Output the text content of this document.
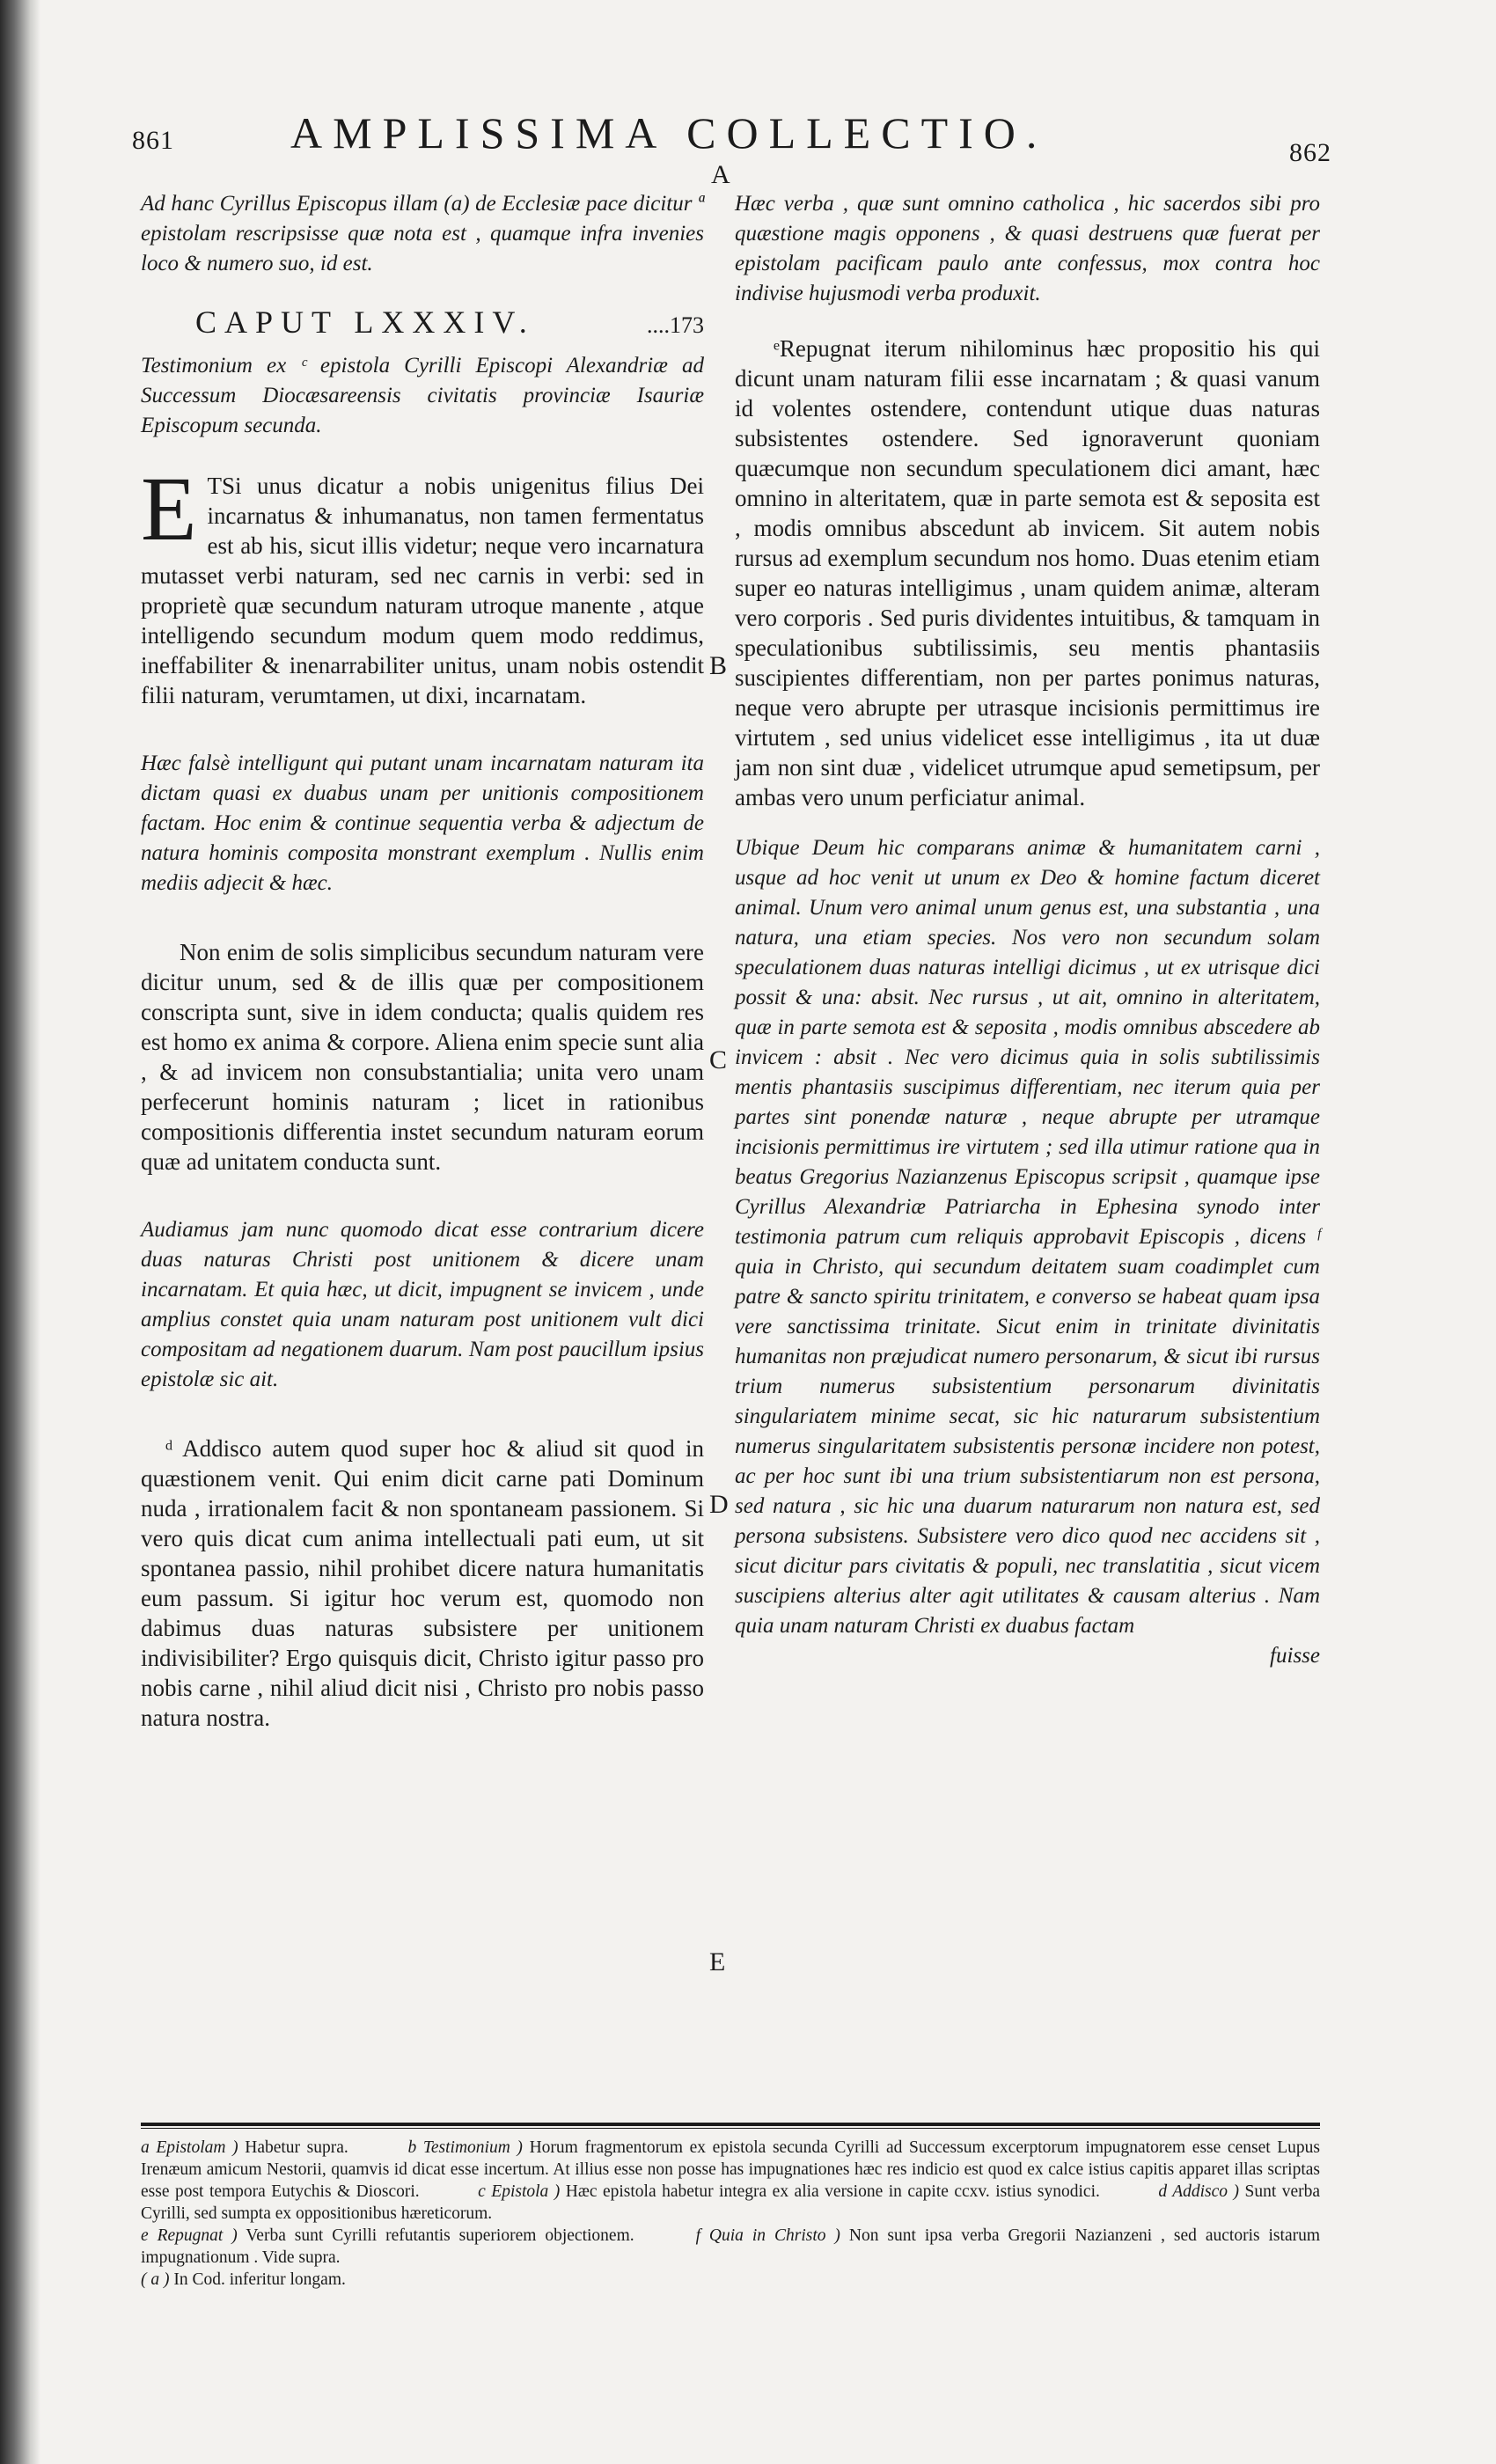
861	AMPLISSIMA COLLECTIO.	862
A
B
C
D
E

Ad hanc Cyrillus Episcopus illam (a) de Ecclesiæ pace dicitur ª epistolam rescripsisse quæ nota est , quamque infra invenies loco & numero suo, id est.

CAPUT LXXXIV.	....173

Testimonium ex ᶜ epistola Cyrilli Episcopi Alexandriæ ad Successum Diocæsareensis civitatis provinciæ Isauriæ Episcopum secunda.

E TSi unus dicatur a nobis unigenitus filius Dei incarnatus & inhumanatus, non tamen fermentatus est ab his, sicut illis videtur; neque vero incarnatura mutasset verbi naturam, sed nec carnis in verbi: sed in proprietè quæ secundum naturam utroque manente , atque intelligendo secundum modum quem modo reddimus, ineffabiliter & inenarrabiliter unitus, unam nobis ostendit filii naturam, verumtamen, ut dixi, incarnatam.

Hæc falsè intelligunt qui putant unam incarnatam naturam ita dictam quasi ex duabus unam per unitionis compositionem factam. Hoc enim & continue sequentia verba & adjectum de natura hominis composita monstrant exemplum . Nullis enim mediis adjecit & hæc.

Non enim de solis simplicibus secundum naturam vere dicitur unum, sed & de illis quæ per compositionem conscripta sunt, sive in idem conducta; qualis quidem res est homo ex anima & corpore. Aliena enim specie sunt alia , & ad invicem non consubstantialia; unita vero unam perfecerunt hominis naturam ; licet in rationibus compositionis differentia instet secundum naturam eorum quæ ad unitatem conducta sunt.

Audiamus jam nunc quomodo dicat esse contrarium dicere duas naturas Christi post unitionem & dicere unam incarnatam. Et quia hæc, ut dicit, impugnent se invicem , unde amplius constet quia unam naturam post unitionem vult dici compositam ad negationem duarum. Nam post paucillum ipsius epistolæ sic ait.

ᵈ Addisco autem quod super hoc & aliud sit quod in quæstionem venit. Qui enim dicit carne pati Dominum nuda , irrationalem facit & non spontaneam passionem. Si vero quis dicat cum anima intellectuali pati eum, ut sit spontanea passio, nihil prohibet dicere natura humanitatis eum passum. Si igitur hoc verum est, quomodo non dabimus duas naturas subsistere per unitionem indivisibiliter? Ergo quisquis dicit, Christo igitur passo pro nobis carne , nihil aliud dicit nisi , Christo pro nobis passo natura nostra.

Hæc verba , quæ sunt omnino catholica , hic sacerdos sibi pro quæstione magis opponens , & quasi destruens quæ fuerat per epistolam pacificam paulo ante confessus, mox contra hoc indivise hujusmodi verba produxit.

ᵉRepugnat iterum nihilominus hæc propositio his qui dicunt unam naturam filii esse incarnatam ; & quasi vanum id volentes ostendere, contendunt utique duas naturas subsistentes ostendere. Sed ignoraverunt quoniam quæcumque non secundum speculationem dici amant, hæc omnino in alteritatem, quæ in parte semota est & seposita est , modis omnibus abscedunt ab invicem. Sit autem nobis rursus ad exemplum secundum nos homo. Duas etenim etiam super eo naturas intelligimus , unam quidem animæ, alteram vero corporis . Sed puris dividentes intuitibus, & tamquam in speculationibus subtilissimis, seu mentis phantasiis suscipientes differentiam, non per partes ponimus naturas, neque vero abrupte per utrasque incisionis permittimus ire virtutem , sed unius videlicet esse intelligimus , ita ut duæ jam non sint duæ , videlicet utrumque apud semetipsum, per ambas vero unum perficiatur animal.

Ubique Deum hic comparans animæ & humanitatem carni , usque ad hoc venit ut unum ex Deo & homine factum diceret animal. Unum vero animal unum genus est, una substantia , una natura, una etiam species. Nos vero non secundum solam speculationem duas naturas intelligi dicimus , ut ex utrisque dici possit & una: absit. Nec rursus , ut ait, omnino in alteritatem, quæ in parte semota est & seposita , modis omnibus abscedere ab invicem : absit . Nec vero dicimus quia in solis subtilissimis mentis phantasiis suscipimus differentiam, nec iterum quia per partes sint ponendæ naturæ , neque abrupte per utramque incisionis permittimus ire virtutem ; sed illa utimur ratione qua in beatus Gregorius Nazianzenus Episcopus scripsit , quamque ipse Cyrillus Alexandriæ Patriarcha in Ephesina synodo inter testimonia patrum cum reliquis approbavit Episcopis , dicens ᶠ quia in Christo, qui secundum deitatem suam coadimplet cum patre & sancto spiritu trinitatem, e converso se habeat quam ipsa vere sanctissima trinitate. Sicut enim in trinitate divinitatis humanitas non præjudicat numero personarum, & sicut ibi rursus trium numerus subsistentium personarum divinitatis singulariatem minime secat, sic hic naturarum subsistentium numerus singularitatem subsistentis personæ incidere non potest, ac per hoc sunt ibi una trium subsistentiarum non est persona, sed natura , sic hic una duarum naturarum non natura est, sed persona subsistens. Subsistere vero dico quod nec accidens sit , sicut dicitur pars civitatis & populi, nec translatitia , sicut vicem suscipiens alterius alter agit utilitates & causam alterius . Nam quia unam naturam Christi ex duabus factam

fuisse

a Epistolam ) Habetur supra.	b Testimonium ) Horum fragmentorum ex epistola secunda Cyrilli ad Successum excerptorum impugnatorem esse censet Lupus Irenæum amicum Nestorii, quamvis id dicat esse incertum. At illius esse non posse has impugnationes hæc res indicio est quod ex calce istius capitis apparet illas scriptas esse post tempora Eutychis & Dioscori.	c Epistola ) Hæc epistola habetur integra ex alia versione in capite ccxv. istius synodici.	d Addisco ) Sunt verba Cyrilli, sed sumpta ex oppositionibus hæreticorum.

e Repugnat ) Verba sunt Cyrilli refutantis superiorem objectionem.	f Quia in Christo ) Non sunt ipsa verba Gregorii Nazianzeni , sed auctoris istarum impugnationum . Vide supra.

( a ) In Cod. inferitur longam.
